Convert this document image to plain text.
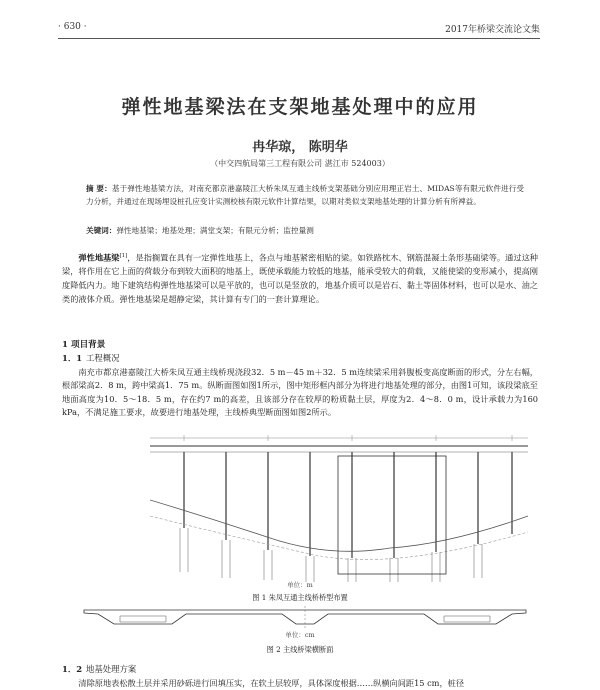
· 630 ·	2017年桥梁交流论文集
弹性地基梁法在支架地基处理中的应用
冉华琼， 陈明华
（中交四航局第三工程有限公司 湛江市 524003）
摘 要：基于弹性地基梁方法，对南充都京港嘉陵江大桥朱凤互通主线桥支架基础分别应用理正岩土、MIDAS等有限元软件进行受力分析，并通过在现场埋设桩孔应变计实测校核有限元软件计算结果，以期对类似支架地基处理的计算分析有所裨益。
关键词：弹性地基梁；地基处理；满堂支架；有限元分析；监控量测
弹性地基梁[1]，是指搁置在具有一定弹性地基上，各点与地基紧密相贴的梁。如铁路枕木、钢筋混凝土条形基础梁等。通过这种梁，将作用在它上面的荷载分布到较大面积的地基上，既使承载能力较低的地基，能承受较大的荷载，又能使梁的变形减小，提高刚度降低内力。地下建筑结构弹性地基梁可以是平放的，也可以是竖放的，地基介质可以是岩石、黏土等固体材料，也可以是水、油之类的液体介质。弹性地基梁是超静定梁，其计算有专门的一套计算理论。
1 项目背景
1．1 工程概况
南充市都京港嘉陵江大桥朱凤互通主线桥现浇段32．5 m－45 m＋32．5 m连续梁采用斜腹板变高度断面的形式，分左右幅，根部梁高2．8 m，跨中梁高1．75 m。纵断面图如图1所示，图中矩形框内部分为将进行地基处理的部分，由图1可知，该段梁底至地面高度为10．5～18．5 m，存在约7 m的高差，且该部分存在较厚的粉质黏土层，厚度为2．4～8．0 m，设计承载力为160 kPa，不满足施工要求，故要进行地基处理，主线桥典型断面图如图2所示。
单位：m
图 1 朱凤互通主线桥桥型布置
单位：cm
图 2 主线桥梁横断面
1．2 地基处理方案
清除原地表松散土层并采用砂砾进行回填压实，在软土层较厚，具体深度根据……纵横向间距15 cm，桩径
